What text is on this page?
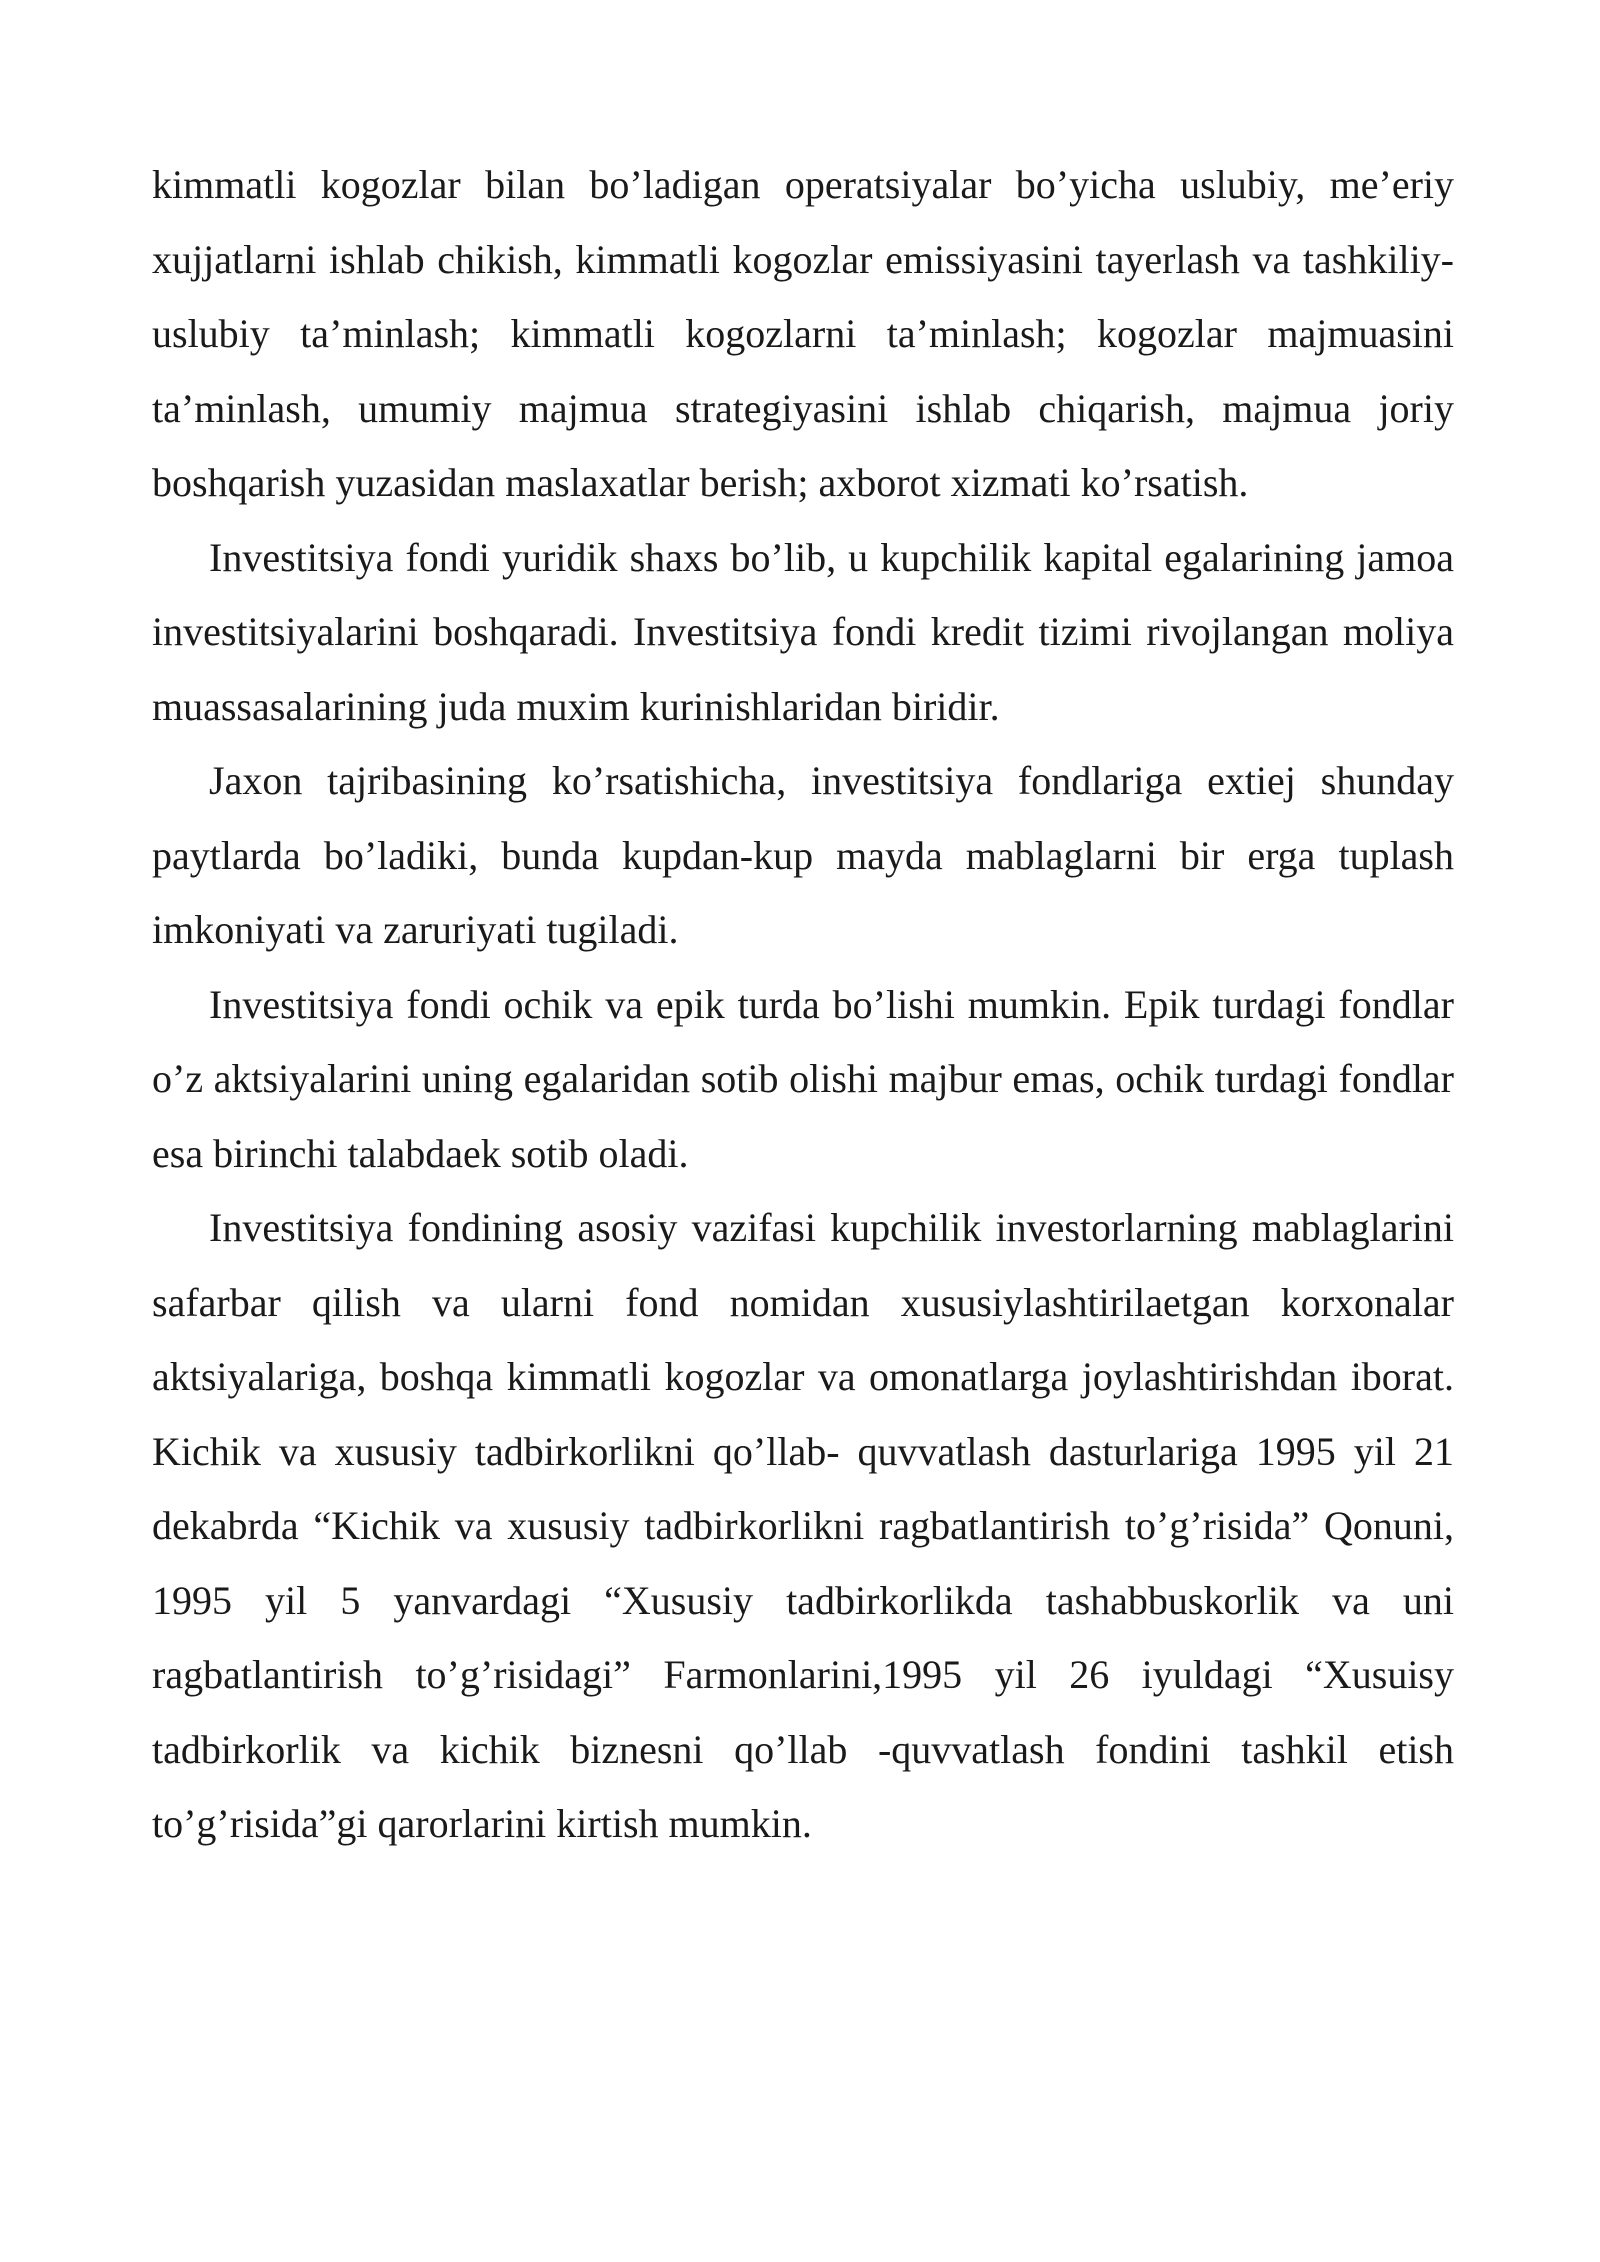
kimmatli kogozlar bilan bo’ladigan operatsiyalar bo’yicha uslubiy, me’eriy xujjatlarni ishlab chikish, kimmatli kogozlar emissiyasini tayerlash va tashkiliy-uslubiy ta’minlash; kimmatli kogozlarni ta’minlash; kogozlar majmuasini ta’minlash, umumiy majmua strategiyasini ishlab chiqarish, majmua joriy boshqarish yuzasidan maslaxatlar berish; axborot xizmati ko’rsatish.

Investitsiya fondi yuridik shaxs bo’lib, u kupchilik kapital egalarining jamoa investitsiyalarini boshqaradi. Investitsiya fondi kredit tizimi rivojlangan moliya muassasalarining juda muxim kurinishlaridan biridir.

Jaxon tajribasining ko’rsatishicha, investitsiya fondlariga extiej shunday paytlarda bo’ladiki, bunda kupdan-kup mayda mablaglarni bir erga tuplash imkoniyati va zaruriyati tugiladi.

Investitsiya fondi ochik va epik turda bo’lishi mumkin. Epik turdagi fondlar o’z aktsiyalarini uning egalaridan sotib olishi majbur emas, ochik turdagi fondlar esa birinchi talabdaek sotib oladi.

Investitsiya fondining asosiy vazifasi kupchilik investorlarning mablaglarini safarbar qilish va ularni fond nomidan xususiylashtirilaetgan korxonalar aktsiyalariga, boshqa kimmatli kogozlar va omonatlarga joylashtirishdan iborat. Kichik va xususiy tadbirkorlikni qo’llab- quvvatlash dasturlariga 1995 yil 21 dekabrda “Kichik va xususiy tadbirkorlikni ragbatlantirish to’g’risida” Qonuni, 1995 yil 5 yanvardagi “Xususiy tadbirkorlikda tashabbuskorlik va uni ragbatlantirish to’g’risidagi” Farmonlarini,1995 yil 26 iyuldagi “Xusuisy tadbirkorlik va kichik biznesni qo’llab -quvvatlash fondini tashkil etish to’g’risida”gi qarorlarini kirtish mumkin.
